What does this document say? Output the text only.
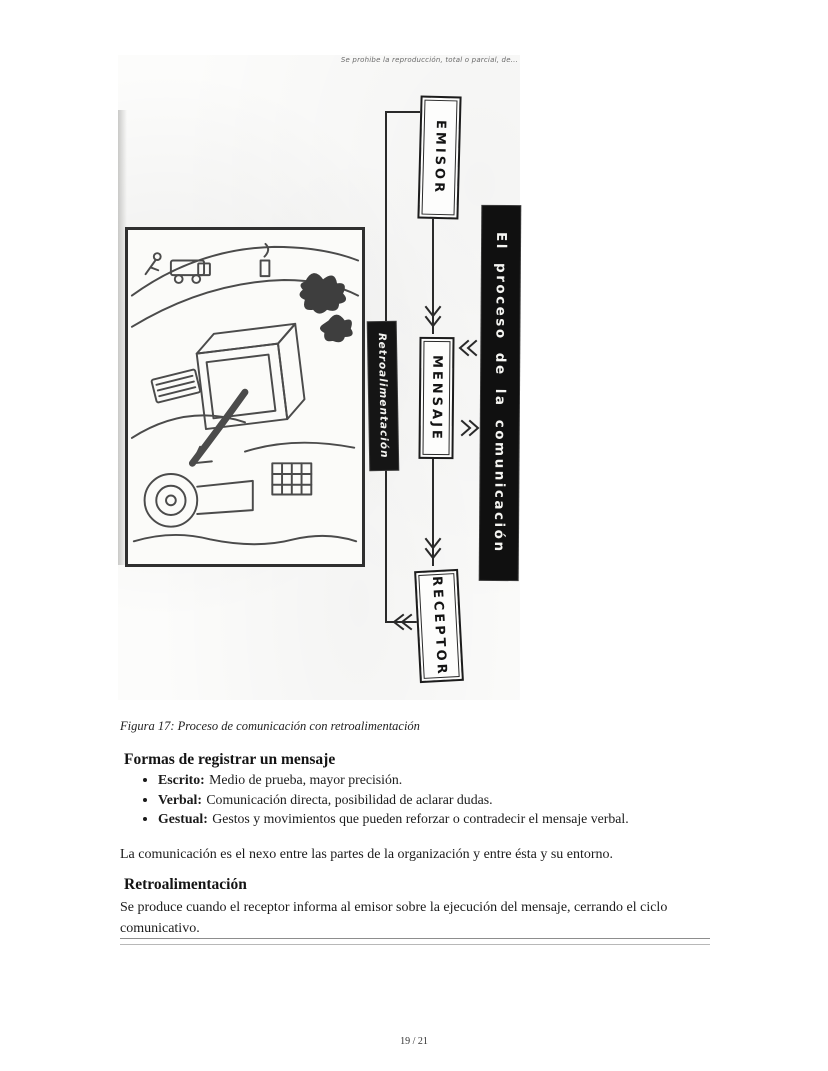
Se prohibe la reproducción, total o parcial, de...
EMISOR
MENSAJE
RECEPTOR
Retroalimentación	El proceso de la comunicación
Figura 17: Proceso de comunicación con retroalimentación
Formas de registrar un mensaje
• Escrito: Medio de prueba, mayor precisión.
• Verbal: Comunicación directa, posibilidad de aclarar dudas.
• Gestual: Gestos y movimientos que pueden reforzar o contradecir el mensaje verbal.
La comunicación es el nexo entre las partes de la organización y entre ésta y su entorno.
Retroalimentación
Se produce cuando el receptor informa al emisor sobre la ejecución del mensaje, cerrando el ciclo comunicativo.
19 / 21
